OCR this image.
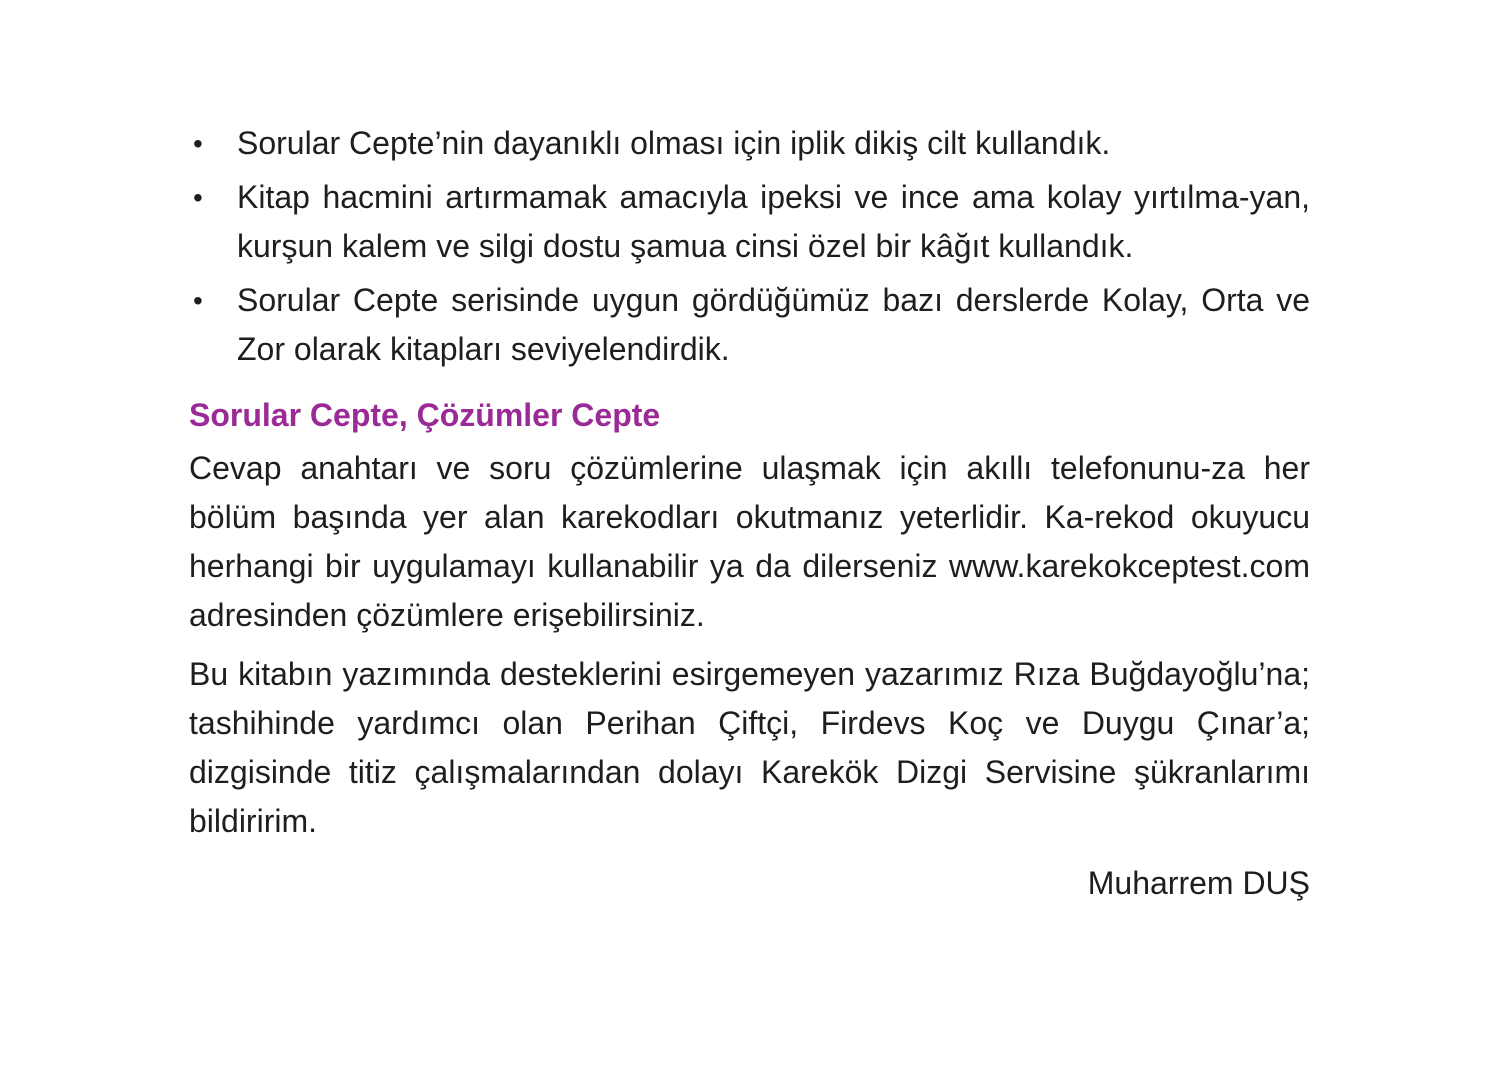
•	Sorular Cepte’nin dayanıklı olması için iplik dikiş cilt kullandık.
•	Kitap hacmini artırmamak amacıyla ipeksi ve ince ama kolay yırtılma-yan, kurşun kalem ve silgi dostu şamua cinsi özel bir kâğıt kullandık.
•	Sorular Cepte serisinde uygun gördüğümüz bazı derslerde Kolay, Orta ve Zor olarak kitapları seviyelendirdik.
Sorular Cepte, Çözümler Cepte

Cevap anahtarı ve soru çözümlerine ulaşmak için akıllı telefonunu-za her bölüm başında yer alan karekodları okutmanız yeterlidir. Ka-rekod okuyucu herhangi bir uygulamayı kullanabilir ya da dilerseniz www.karekokceptest.com adresinden çözümlere erişebilirsiniz.

Bu kitabın yazımında desteklerini esirgemeyen yazarımız Rıza Buğdayoğlu’na; tashihinde yardımcı olan Perihan Çiftçi, Firdevs Koç ve Duygu Çınar’a; dizgisinde titiz çalışmalarından dolayı Karekök Dizgi Servisine şükranlarımı bildiririm.

Muharrem DUŞ
